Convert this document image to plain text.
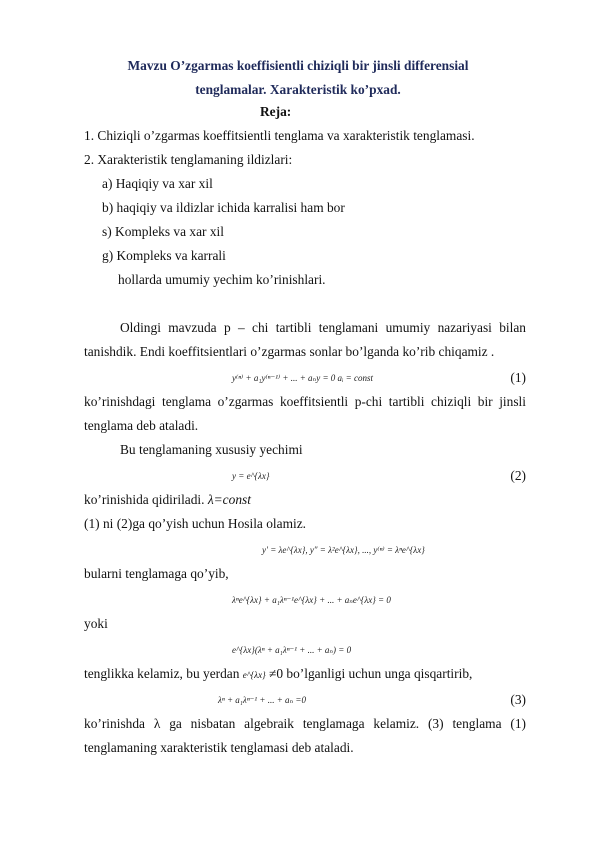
Mavzu O’zgarmas koeffisientli chiziqli bir jinsli differensial
tenglamalar. Xarakteristik ko’pxad.
Reja:
1. Chiziqli o’zgarmas koeffitsientli tenglama va xarakteristik tenglamasi.
2. Xarakteristik tenglamaning ildizlari:
a) Haqiqiy va xar xil
b) haqiqiy va ildizlar ichida karralisi ham bor
s) Kompleks va xar xil
g) Kompleks va karrali
hollarda umumiy yechim ko’rinishlari.
Oldingi mavzuda p – chi tartibli tenglamani umumiy nazariyasi bilan
tanishdik. Endi koeffitsientlari o’zgarmas sonlar bo’lganda ko’rib chiqamiz .
y⁽ⁿ⁾ + a₁y⁽ⁿ⁻¹⁾ + ... + aₙy = 0 aᵢ = const	(1)
ko’rinishdagi tenglama o’zgarmas koeffitsientli p-chi tartibli chiziqli bir jinsli
tenglama deb ataladi.
Bu tenglamaning xususiy yechimi
y = e^{λx}	(2)
ko’rinishida qidiriladi. λ=const
(1) ni (2)ga qo’yish uchun Hosila olamiz.
y′ = λe^{λx}, y″ = λ²e^{λx}, ..., y⁽ⁿ⁾ = λⁿe^{λx}
bularni tenglamaga qo’yib,
λⁿe^{λx} + a₁λⁿ⁻¹e^{λx} + ... + aₙe^{λx} = 0
yoki
e^{λx}(λⁿ + a₁λⁿ⁻¹ + ... + aₙ) = 0
tenglikka kelamiz, bu yerdan e^{λx} ≠0 bo’lganligi uchun unga qisqartirib,
λⁿ + a₁λⁿ⁻¹ + ... + aₙ =0	(3)
ko’rinishda λ ga nisbatan algebraik tenglamaga kelamiz. (3) tenglama (1)
tenglamaning xarakteristik tenglamasi deb ataladi.
